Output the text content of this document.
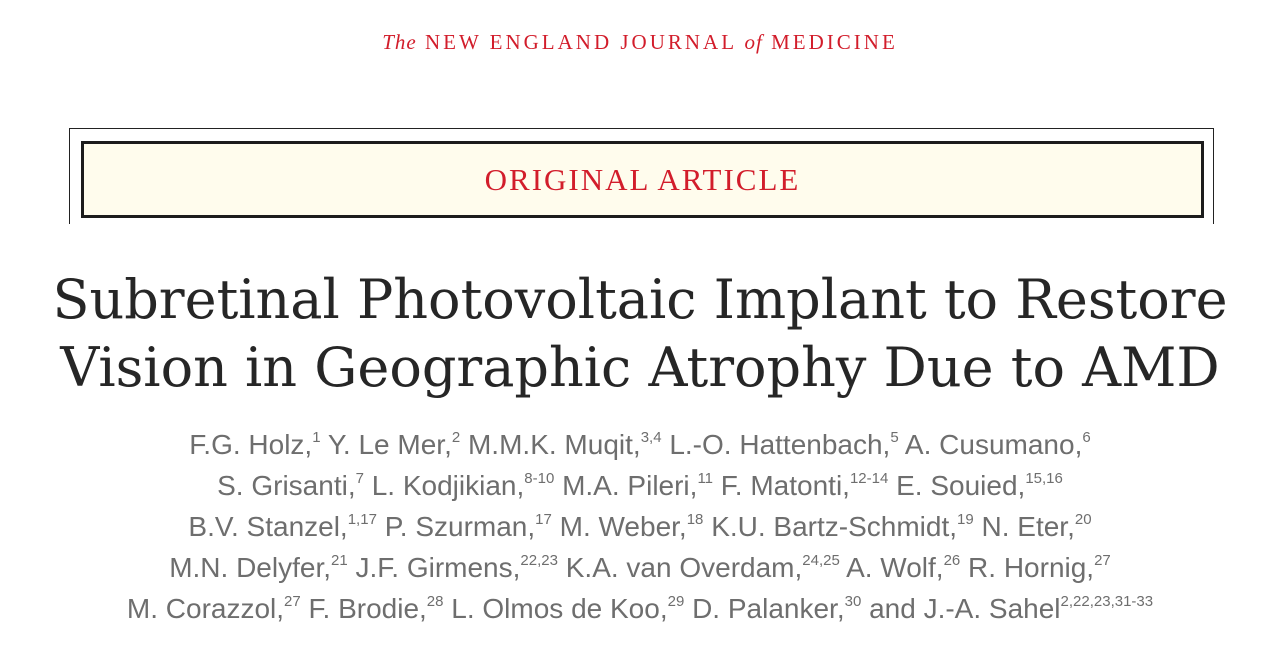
The NEW ENGLAND JOURNAL of MEDICINE
ORIGINAL ARTICLE
Subretinal Photovoltaic Implant to Restore
Vision in Geographic Atrophy Due to AMD
F.G. Holz,$^1$ Y. Le Mer,$^2$ M.M.K. Muqit,$^{3,4}$ L.-O. Hattenbach,$^5$ A. Cusumano,$^6$
S. Grisanti,$^7$ L. Kodjikian,$^{8-10}$ M.A. Pileri,$^{11}$ F. Matonti,$^{12-14}$ E. Souied,$^{15,16}$
B.V. Stanzel,$^{1,17}$ P. Szurman,$^{17}$ M. Weber,$^{18}$ K.U. Bartz-Schmidt,$^{19}$ N. Eter,$^{20}$
M.N. Delyfer,$^{21}$ J.F. Girmens,$^{22,23}$ K.A. van Overdam,$^{24,25}$ A. Wolf,$^{26}$ R. Hornig,$^{27}$
M. Corazzol,$^{27}$ F. Brodie,$^{28}$ L. Olmos de Koo,$^{29}$ D. Palanker,$^{30}$ and J.-A. Sahel$^{2,22,23,31-33}$
